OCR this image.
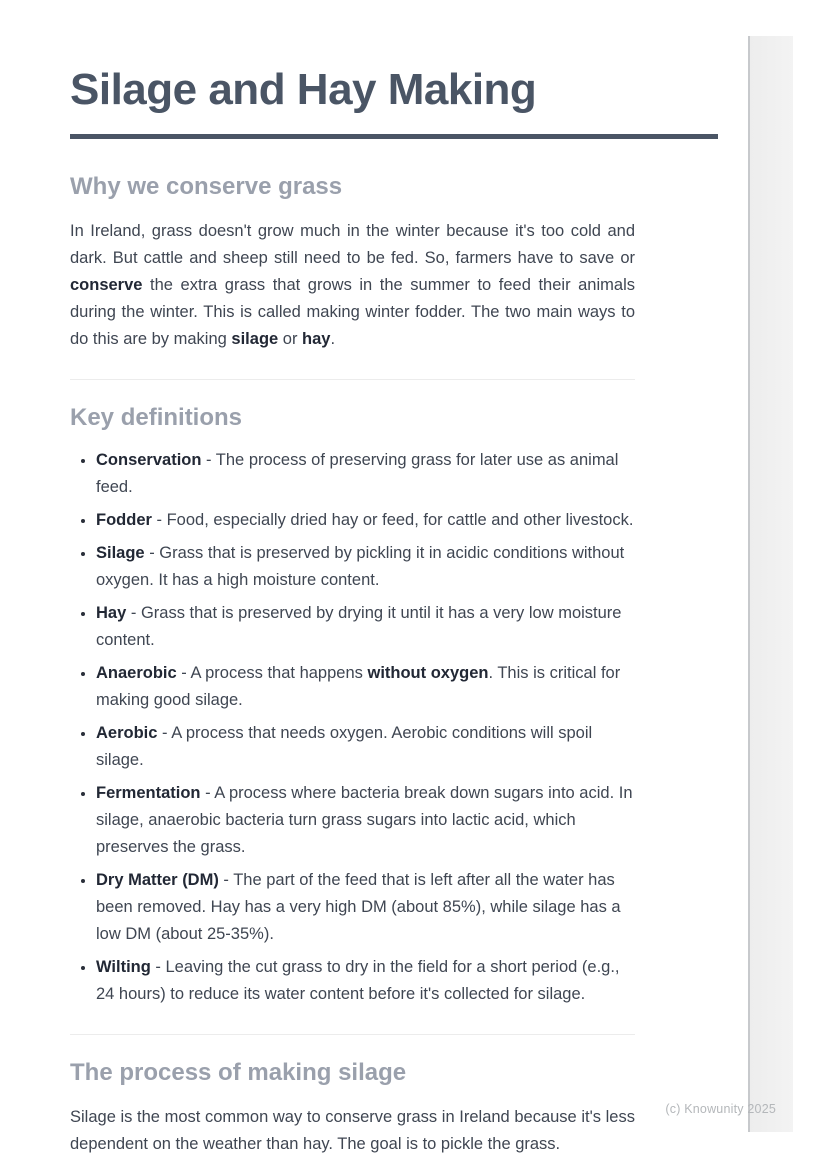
Silage and Hay Making
Why we conserve grass

In Ireland, grass doesn't grow much in the winter because it's too cold and dark. But cattle and sheep still need to be fed. So, farmers have to save or conserve the extra grass that grows in the summer to feed their animals during the winter. This is called making winter fodder. The two main ways to do this are by making silage or hay.

Key definitions
• Conservation - The process of preserving grass for later use as animal feed.
• Fodder - Food, especially dried hay or feed, for cattle and other livestock.
• Silage - Grass that is preserved by pickling it in acidic conditions without oxygen. It has a high moisture content.
• Hay - Grass that is preserved by drying it until it has a very low moisture content.
• Anaerobic - A process that happens without oxygen. This is critical for making good silage.
• Aerobic - A process that needs oxygen. Aerobic conditions will spoil silage.
• Fermentation - A process where bacteria break down sugars into acid. In silage, anaerobic bacteria turn grass sugars into lactic acid, which preserves the grass.
• Dry Matter (DM) - The part of the feed that is left after all the water has been removed. Hay has a very high DM (about 85%), while silage has a low DM (about 25-35%).
• Wilting - Leaving the cut grass to dry in the field for a short period (e.g., 24 hours) to reduce its water content before it's collected for silage.
The process of making silage

Silage is the most common way to conserve grass in Ireland because it's less dependent on the weather than hay. The goal is to pickle the grass.

(c) Knowunity 2025
